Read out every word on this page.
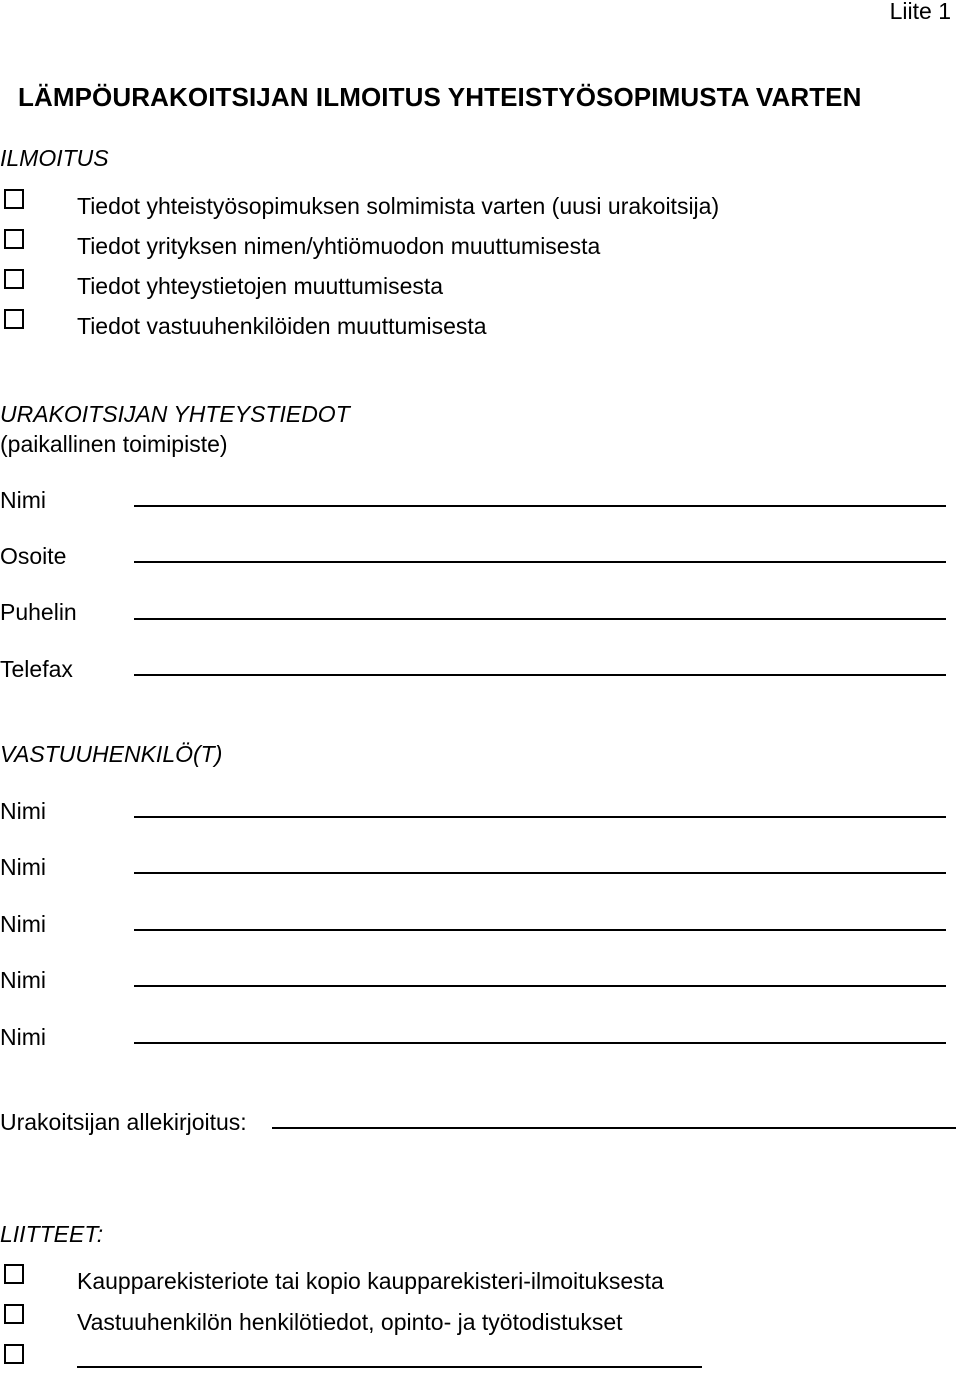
Liite 1
LÄMPÖURAKOITSIJAN ILMOITUS YHTEISTYÖSOPIMUSTA VARTEN
ILMOITUS
Tiedot yhteistyösopimuksen solmimista varten (uusi urakoitsija)
Tiedot yrityksen nimen/yhtiömuodon muuttumisesta
Tiedot yhteystietojen muuttumisesta
Tiedot vastuuhenkilöiden muuttumisesta
URAKOITSIJAN YHTEYSTIEDOT
(paikallinen toimipiste)
Nimi
Osoite
Puhelin
Telefax
VASTUUHENKILÖ(T)
Nimi
Nimi
Nimi
Nimi
Nimi
Urakoitsijan allekirjoitus:
LIITTEET:
Kaupparekisteriote tai kopio kaupparekisteri-ilmoituksesta
Vastuuhenkilön henkilötiedot, opinto- ja työtodistukset
